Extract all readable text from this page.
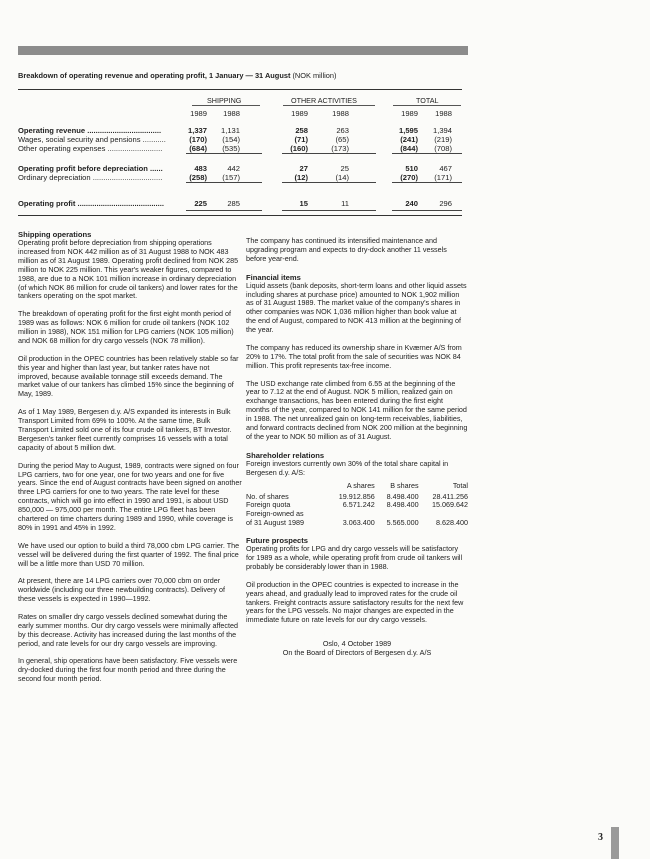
Breakdown of operating revenue and operating profit, 1 January — 31 August (NOK million)
SHIPPING	OTHER ACTIVITIES	TOTAL
1989	1988	1989	1988	1989	1988
Operating revenue ...................................	1,337	1,131	258	263	1,595	1,394
Wages, social security and pensions ...........	(170)	(154)	(71)	(65)	(241)	(219)
Other operating expenses ..........................	(684)	(535)	(160)	(173)	(844)	(708)
Operating profit before depreciation ......	483	442	27	25	510	467
Ordinary depreciation .................................	(258)	(157)	(12)	(14)	(270)	(171)
Operating profit .........................................	225	285	15	11	240	296
Shipping operations

Operating profit before depreciation from shipping operations increased from NOK 442 million as of 31 August 1988 to NOK 483 million as of 31 August 1989. Operating profit declined from NOK 285 million to NOK 225 million. This year's weaker figures, compared to 1988, are due to a NOK 101 million increase in ordinary depreciation (of which NOK 86 million for crude oil tankers) and lower rates for the tankers operating on the spot market.

The breakdown of operating profit for the first eight month period of 1989 was as follows: NOK 6 million for crude oil tankers (NOK 102 million in 1988), NOK 151 million for LPG carriers (NOK 105 million) and NOK 68 million for dry cargo vessels (NOK 78 million).

Oil production in the OPEC countries has been relatively stable so far this year and higher than last year, but tanker rates have not improved, because available tonnage still exceeds demand. The market value of our tankers has climbed 15% since the beginning of May, 1989.

As of 1 May 1989, Bergesen d.y. A/S expanded its interests in Bulk Transport Limited from 69% to 100%. At the same time, Bulk Transport Limited sold one of its four crude oil tankers, BT Investor. Bergesen's tanker fleet currently comprises 16 vessels with a total capacity of about 5 million dwt.

During the period May to August, 1989, contracts were signed on four LPG carriers, two for one year, one for two years and one for five years. Since the end of August contracts have been signed on another three LPG carriers for one to two years. The rate level for these contracts, which will go into effect in 1990 and 1991, is about USD 850,000 — 975,000 per month. The entire LPG fleet has been chartered on time charters during 1989 and 1990, while coverage is 80% in 1991 and 45% in 1992.

We have used our option to build a third 78,000 cbm LPG carrier. The vessel will be delivered during the first quarter of 1992. The final price will be a little more than USD 70 million.

At present, there are 14 LPG carriers over 70,000 cbm on order worldwide (including our three newbuilding contracts). Delivery of these vessels is expected in 1990—1992.

Rates on smaller dry cargo vessels declined somewhat during the early summer months. Our dry cargo vessels were minimally affected by this decrease. Activity has increased during the last months of the period, and rate levels for our dry cargo vessels are improving.

In general, ship operations have been satisfactory. Five vessels were dry-docked during the first four month period and three during the second four month period.

The company has continued its intensified maintenance and upgrading program and expects to dry-dock another 11 vessels before year-end.

Financial items

Liquid assets (bank deposits, short-term loans and other liquid assets including shares at purchase price) amounted to NOK 1,902 million as of 31 August 1989. The market value of the company's shares in other companies was NOK 1,036 million higher than book value at the end of August, compared to NOK 413 million at the beginning of the year.

The company has reduced its ownership share in Kværner A/S from 20% to 17%. The total profit from the sale of securities was NOK 84 million. This profit represents tax-free income.

The USD exchange rate climbed from 6.55 at the beginning of the year to 7.12 at the end of August. NOK 5 million, realized gain on exchange transactions, has been entered during the first eight months of the year, compared to NOK 141 million for the same period in 1988. The net unrealized gain on long-term receivables, liabilities, and forward contracts declined from NOK 200 million at the beginning of the year to NOK 50 million as of 31 August.

Shareholder relations
Foreign investors currently own 30% of the total share capital in Bergesen d.y. A/S:
	A shares	B shares	Total
No. of shares	19.912.856	8.498.400	28.411.256
Foreign quota	6.571.242	8.498.400	15.069.642
Foreign-owned as			
of 31 August 1989	3.063.400	5.565.000	8.628.400
Future prospects

Operating profits for LPG and dry cargo vessels will be satisfactory for 1989 as a whole, while operating profit from crude oil tankers will probably be considerably lower than in 1988.

Oil production in the OPEC countries is expected to increase in the years ahead, and gradually lead to improved rates for the crude oil tankers. Freight contracts assure satisfactory results for the next few years for the LPG vessels. No major changes are expected in the immediate future on rate levels for our dry cargo vessels.

Oslo, 4 October 1989
On the Board of Directors of Bergesen d.y. A/S
3
